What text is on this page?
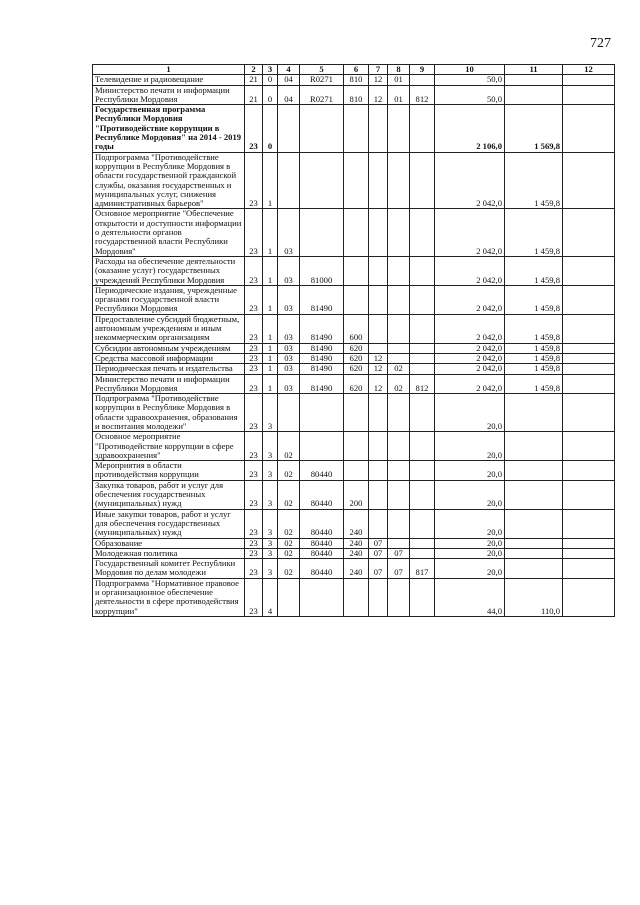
727
1	2	3	4	5	6	7	8	9	10	11	12
Телевидение и радиовещание	21	0	04	R0271	810	12	01		50,0		
Министерство печати и информации Республики Мордовия	21	0	04	R0271	810	12	01	812	50,0		
Государственная программа Республики Мордовия "Противодействие коррупции в Республике Мордовия" на 2014 - 2019 годы	23	0							2 106,0	1 569,8	
Подпрограмма "Противодействие коррупции в Республике Мордовия в области государственной гражданской службы, оказания государственных и муниципальных услуг, снижения административных барьеров"	23	1							2 042,0	1 459,8	
Основное мероприятие "Обеспечение открытости и доступности информации о деятельности органов государственной власти Республики Мордовия"	23	1	03						2 042,0	1 459,8	
Расходы на обеспечение деятельности (оказание услуг) государственных учреждений Республики Мордовия	23	1	03	81000					2 042,0	1 459,8	
Периодические издания, учрежденные органами государственной власти Республики Мордовия	23	1	03	81490					2 042,0	1 459,8	
Предоставление субсидий бюджетным, автономным учреждениям и иным некоммерческим организациям	23	1	03	81490	600				2 042,0	1 459,8	
Субсидии автономным учреждениям	23	1	03	81490	620				2 042,0	1 459,8	
Средства массовой информации	23	1	03	81490	620	12			2 042,0	1 459,8	
Периодическая печать и издательства	23	1	03	81490	620	12	02		2 042,0	1 459,8	
Министерство печати и информации Республики Мордовия	23	1	03	81490	620	12	02	812	2 042,0	1 459,8	
Подпрограмма "Противодействие коррупции в Республике Мордовия в области здравоохранения, образования и воспитания молодежи"	23	3							20,0		
Основное мероприятие "Противодействие коррупции в сфере здравоохранения"	23	3	02						20,0		
Мероприятия в области противодействия коррупции	23	3	02	80440					20,0		
Закупка товаров, работ и услуг для обеспечения государственных (муниципальных) нужд	23	3	02	80440	200				20,0		
Иные закупки товаров, работ и услуг для обеспечения государственных (муниципальных) нужд	23	3	02	80440	240				20,0		
Образование	23	3	02	80440	240	07			20,0		
Молодежная политика	23	3	02	80440	240	07	07		20,0		
Государственный комитет Республики Мордовия по делам молодежи	23	3	02	80440	240	07	07	817	20,0		
Подпрограмма "Нормативное правовое и организационное обеспечение деятельности в сфере противодействия коррупции"	23	4							44,0	110,0	
